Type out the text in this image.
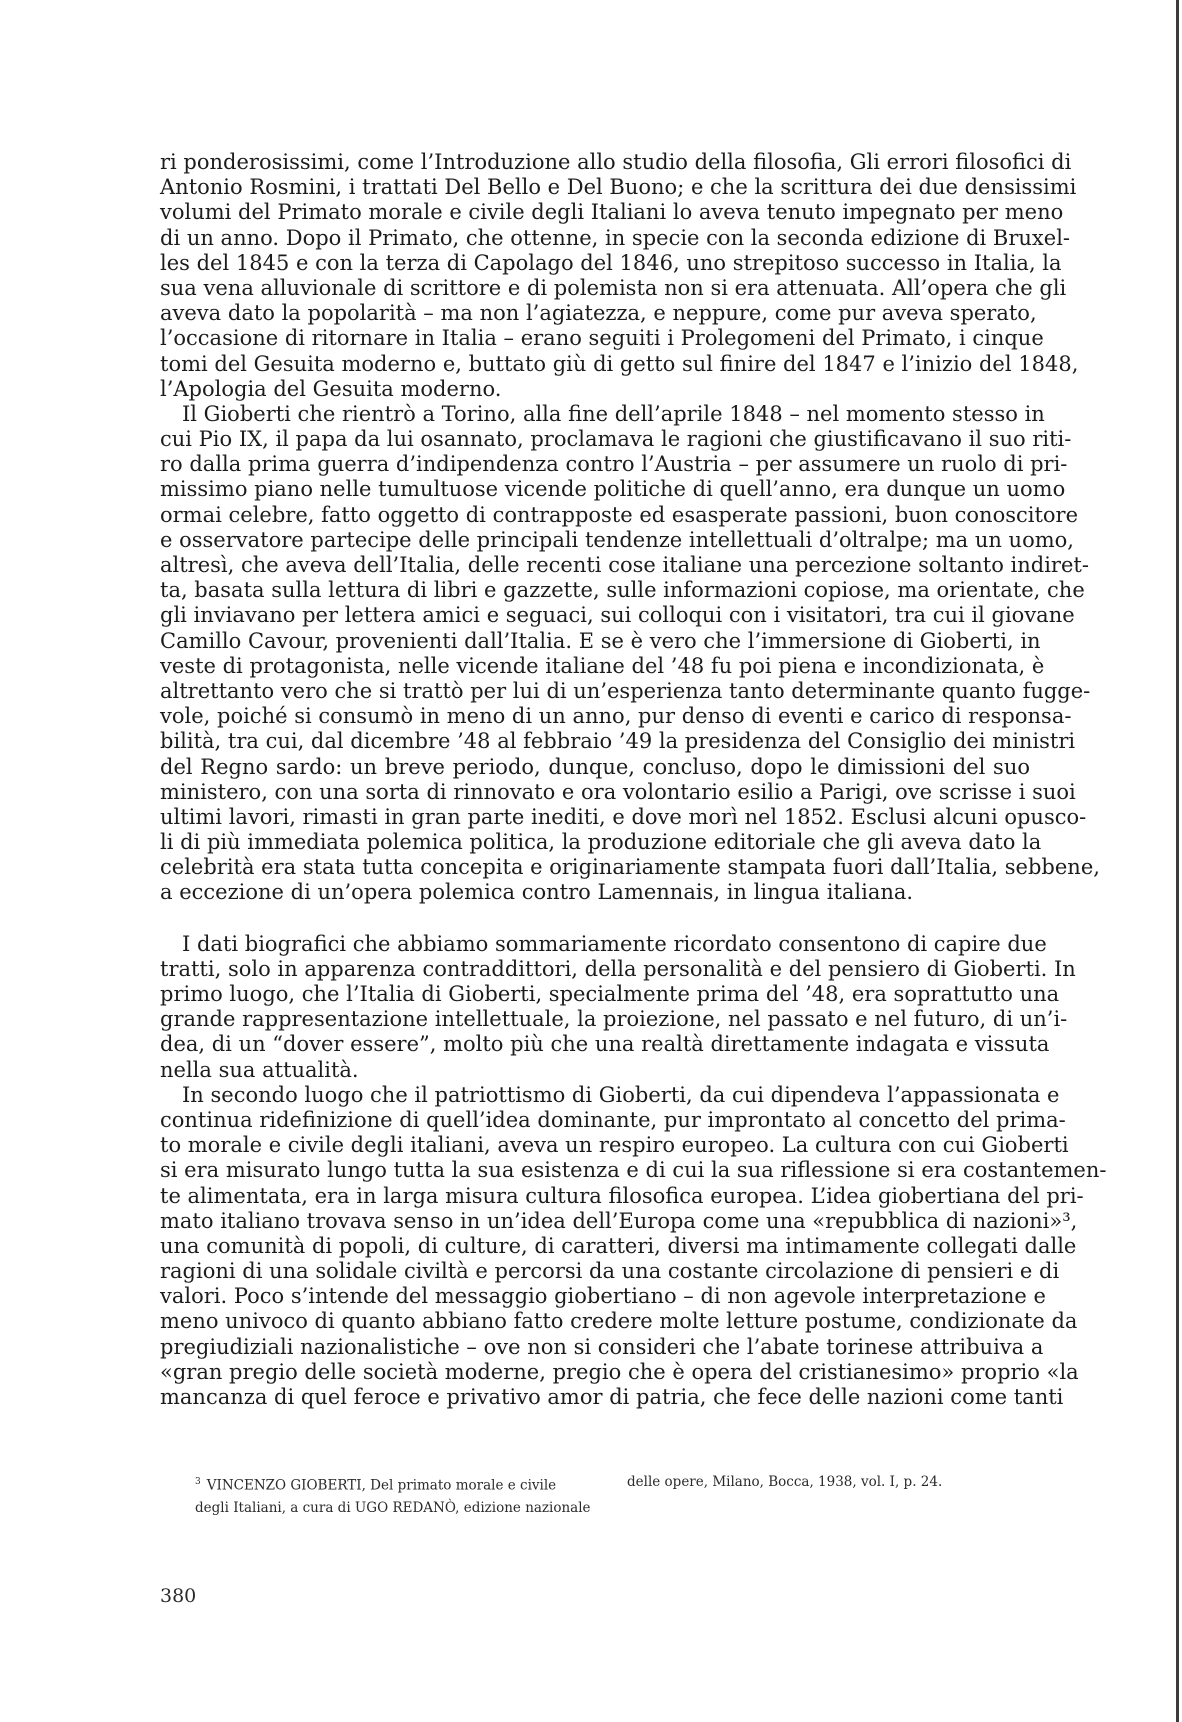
ri ponderosissimi, come l’Introduzione allo studio della filosofia, Gli errori filosofici di
Antonio Rosmini, i trattati Del Bello e Del Buono; e che la scrittura dei due densissimi
volumi del Primato morale e civile degli Italiani lo aveva tenuto impegnato per meno
di un anno. Dopo il Primato, che ottenne, in specie con la seconda edizione di Bruxel-
les del 1845 e con la terza di Capolago del 1846, uno strepitoso successo in Italia, la
sua vena alluvionale di scrittore e di polemista non si era attenuata. All’opera che gli
aveva dato la popolarità – ma non l’agiatezza, e neppure, come pur aveva sperato,
l’occasione di ritornare in Italia – erano seguiti i Prolegomeni del Primato, i cinque
tomi del Gesuita moderno e, buttato giù di getto sul finire del 1847 e l’inizio del 1848,
l’Apologia del Gesuita moderno.
Il Gioberti che rientrò a Torino, alla fine dell’aprile 1848 – nel momento stesso in
cui Pio IX, il papa da lui osannato, proclamava le ragioni che giustificavano il suo riti-
ro dalla prima guerra d’indipendenza contro l’Austria – per assumere un ruolo di pri-
missimo piano nelle tumultuose vicende politiche di quell’anno, era dunque un uomo
ormai celebre, fatto oggetto di contrapposte ed esasperate passioni, buon conoscitore
e osservatore partecipe delle principali tendenze intellettuali d’oltralpe; ma un uomo,
altresì, che aveva dell’Italia, delle recenti cose italiane una percezione soltanto indiret-
ta, basata sulla lettura di libri e gazzette, sulle informazioni copiose, ma orientate, che
gli inviavano per lettera amici e seguaci, sui colloqui con i visitatori, tra cui il giovane
Camillo Cavour, provenienti dall’Italia. E se è vero che l’immersione di Gioberti, in
veste di protagonista, nelle vicende italiane del ’48 fu poi piena e incondizionata, è
altrettanto vero che si trattò per lui di un’esperienza tanto determinante quanto fugge-
vole, poiché si consumò in meno di un anno, pur denso di eventi e carico di responsa-
bilità, tra cui, dal dicembre ’48 al febbraio ’49 la presidenza del Consiglio dei ministri
del Regno sardo: un breve periodo, dunque, concluso, dopo le dimissioni del suo
ministero, con una sorta di rinnovato e ora volontario esilio a Parigi, ove scrisse i suoi
ultimi lavori, rimasti in gran parte inediti, e dove morì nel 1852. Esclusi alcuni opusco-
li di più immediata polemica politica, la produzione editoriale che gli aveva dato la
celebrità era stata tutta concepita e originariamente stampata fuori dall’Italia, sebbene,
a eccezione di un’opera polemica contro Lamennais, in lingua italiana.
I dati biografici che abbiamo sommariamente ricordato consentono di capire due
tratti, solo in apparenza contraddittori, della personalità e del pensiero di Gioberti. In
primo luogo, che l’Italia di Gioberti, specialmente prima del ’48, era soprattutto una
grande rappresentazione intellettuale, la proiezione, nel passato e nel futuro, di un’i-
dea, di un “dover essere”, molto più che una realtà direttamente indagata e vissuta
nella sua attualità.
In secondo luogo che il patriottismo di Gioberti, da cui dipendeva l’appassionata e
continua ridefinizione di quell’idea dominante, pur improntato al concetto del prima-
to morale e civile degli italiani, aveva un respiro europeo. La cultura con cui Gioberti
si era misurato lungo tutta la sua esistenza e di cui la sua riflessione si era costantemen-
te alimentata, era in larga misura cultura filosofica europea. L’idea giobertiana del pri-
mato italiano trovava senso in un’idea dell’Europa come una «repubblica di nazioni»³,
una comunità di popoli, di culture, di caratteri, diversi ma intimamente collegati dalle
ragioni di una solidale civiltà e percorsi da una costante circolazione di pensieri e di
valori. Poco s’intende del messaggio giobertiano – di non agevole interpretazione e
meno univoco di quanto abbiano fatto credere molte letture postume, condizionate da
pregiudiziali nazionalistiche – ove non si consideri che l’abate torinese attribuiva a
«gran pregio delle società moderne, pregio che è opera del cristianesimo» proprio «la
mancanza di quel feroce e privativo amor di patria, che fece delle nazioni come tanti
$^3$ VINCENZO GIOBERTI, Del primato morale e civile
degli Italiani, a cura di UGO REDANÒ, edizione nazionale
delle opere, Milano, Bocca, 1938, vol. I, p. 24.
380
